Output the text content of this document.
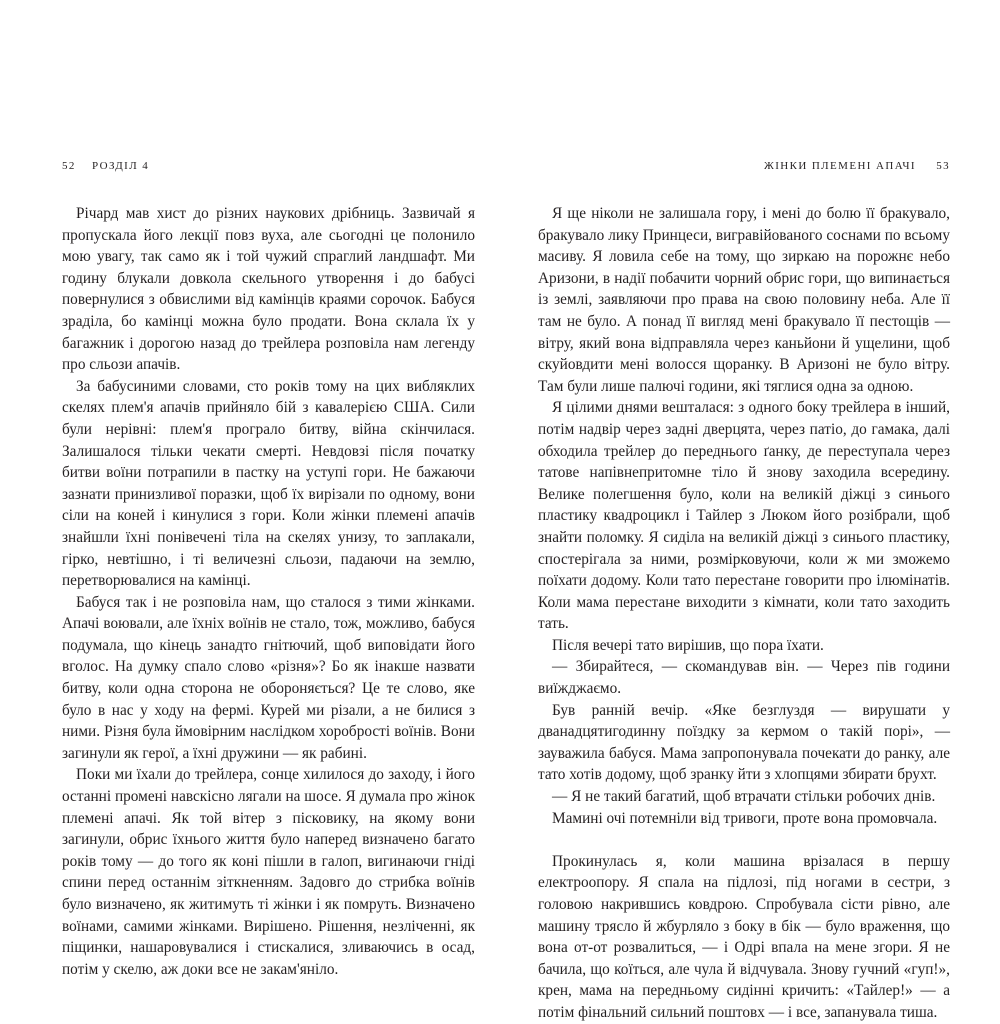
52 РОЗДІЛ 4

Річард мав хист до різних наукових дрібниць. Зазвичай я пропускала його лекції повз вуха, але сьогодні це полонило мою увагу, так само як і той чужий спраглий ландшафт. Ми годину блукали довкола скельного утворення і до бабусі повернулися з обвислими від камінців краями сорочок. Бабуся зраділа, бо камінці можна було продати. Вона склала їх у багажник і дорогою назад до трейлера розповіла нам легенду про сльози апачів.

За бабусиними словами, сто років тому на цих вибляклих скелях плем'я апачів прийняло бій з кавалерією США. Сили були нерівні: плем'я програло битву, війна скінчилася. Залишалося тільки чекати смерті. Невдовзі після початку битви воїни потрапили в пастку на уступі гори. Не бажаючи зазнати принизливої поразки, щоб їх вирізали по одному, вони сіли на коней і кинулися з гори. Коли жінки племені апачів знайшли їхні понівечені тіла на скелях унизу, то заплакали, гірко, невтішно, і ті величезні сльози, падаючи на землю, перетворювалися на камінці.

Бабуся так і не розповіла нам, що сталося з тими жінками. Апачі воювали, але їхніх воїнів не стало, тож, можливо, бабуся подумала, що кінець занадто гнітючий, щоб виповідати його вголос. На думку спало слово «різня»? Бо як інакше назвати битву, коли одна сторона не обороняється? Це те слово, яке було в нас у ходу на фермі. Курей ми різали, а не билися з ними. Різня була ймовірним наслідком хоробрості воїнів. Вони загинули як герої, а їхні дружини — як рабині.

Поки ми їхали до трейлера, сонце хилилося до заходу, і його останні промені навскісно лягали на шосе. Я думала про жінок племені апачі. Як той вітер з пісковику, на якому вони загинули, обрис їхнього життя було наперед визначено багато років тому — до того як коні пішли в галоп, вигинаючи гніді спини перед останнім зіткненням. Задовго до стрибка воїнів було визначено, як житимуть ті жінки і як помруть. Визначено воїнами, самими жінками. Вирішено. Рішення, незліченні, як піщинки, нашаровувалися і стискалися, зливаючись в осад, потім у скелю, аж доки все не закам'яніло.

ЖІНКИ ПЛЕМЕНІ АПАЧІ 53

Я ще ніколи не залишала гору, і мені до болю її бракувало, бракувало лику Принцеси, вигравійованого соснами по всьому масиву. Я ловила себе на тому, що зиркаю на порожнє небо Аризони, в надії побачити чорний обрис гори, що випинається із землі, заявляючи про права на свою половину неба. Але її там не було. А понад її вигляд мені бракувало її пестощів — вітру, який вона відправляла через каньйони й ущелини, щоб скуйовдити мені волосся щоранку. В Аризоні не було вітру. Там були лише палючі години, які тяглися одна за одною.

Я цілими днями вешталася: з одного боку трейлера в інший, потім надвір через задні дверцята, через патіо, до гамака, далі обходила трейлер до переднього ґанку, де переступала через татове напівнепритомне тіло й знову заходила всередину. Велике полегшення було, коли на великій діжці з синього пластику квадроцикл і Тайлер з Люком його розібрали, щоб знайти поломку. Я сиділа на великій діжці з синього пластику, спостерігала за ними, розмірковуючи, коли ж ми зможемо поїхати додому. Коли тато перестане говорити про ілюмінатів. Коли мама перестане виходити з кімнати, коли тато заходить тать.

Після вечері тато вирішив, що пора їхати.

— Збирайтеся, — скомандував він. — Через пів години виїжджаємо.

Був ранній вечір. «Яке безглуздя — вирушати у дванадцятигодинну поїздку за кермом о такій порі», — зауважила бабуся. Мама запропонувала почекати до ранку, але тато хотів додому, щоб зранку йти з хлопцями збирати брухт.

— Я не такий багатий, щоб втрачати стільки робочих днів.

Мамині очі потемніли від тривоги, проте вона промовчала.

Прокинулась я, коли машина врізалася в першу електроопору. Я спала на підлозі, під ногами в сестри, з головою накрившись ковдрою. Спробувала сісти рівно, але машину трясло й жбурляло з боку в бік — було враження, що вона от-от розвалиться, — і Одрі впала на мене згори. Я не бачила, що коїться, але чула й відчувала. Знову гучний «гуп!», крен, мама на передньому сидінні кричить: «Тайлер!» — а потім фінальний сильний поштовх — і все, запанувала тиша.
